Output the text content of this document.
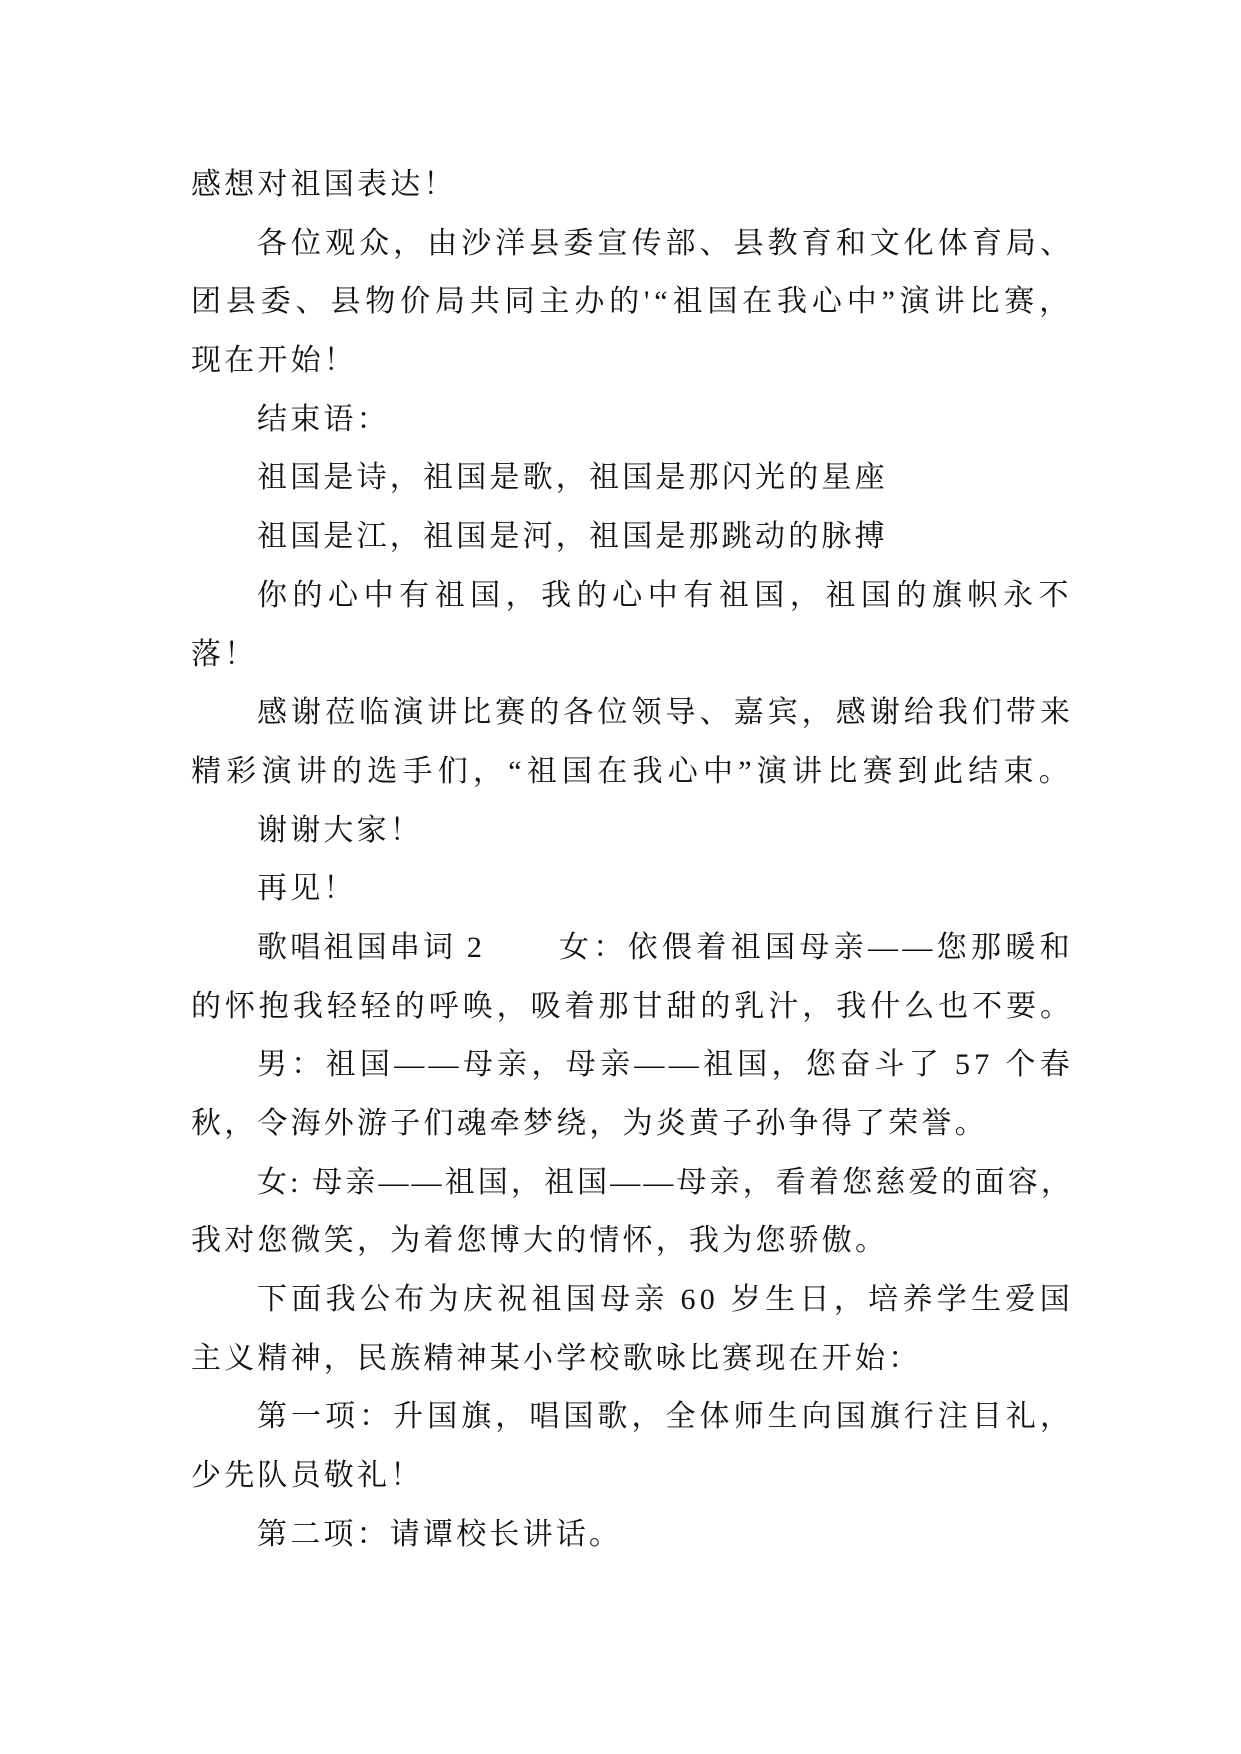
感想对祖国表达！
各位观众，由沙洋县委宣传部、县教育和文化体育局、
团县委、县物价局共同主办的'“祖国在我心中”演讲比赛，
现在开始！
结束语：
祖国是诗，祖国是歌，祖国是那闪光的星座
祖国是江，祖国是河，祖国是那跳动的脉搏
你的心中有祖国，我的心中有祖国，祖国的旗帜永不
落！
感谢莅临演讲比赛的各位领导、嘉宾，感谢给我们带来
精彩演讲的选手们，“祖国在我心中”演讲比赛到此结束。
谢谢大家！
再见！
歌唱祖国串词 2 女：依偎着祖国母亲——您那暖和
的怀抱我轻轻的呼唤，吸着那甘甜的乳汁，我什么也不要。
男：祖国——母亲，母亲——祖国，您奋斗了 57 个春
秋，令海外游子们魂牵梦绕，为炎黄子孙争得了荣誉。
女: 母亲——祖国，祖国——母亲，看着您慈爱的面容，
我对您微笑，为着您博大的情怀，我为您骄傲。
下面我公布为庆祝祖国母亲 60 岁生日，培养学生爱国
主义精神，民族精神某小学校歌咏比赛现在开始：
第一项：升国旗，唱国歌，全体师生向国旗行注目礼，
少先队员敬礼！
第二项：请谭校长讲话。
